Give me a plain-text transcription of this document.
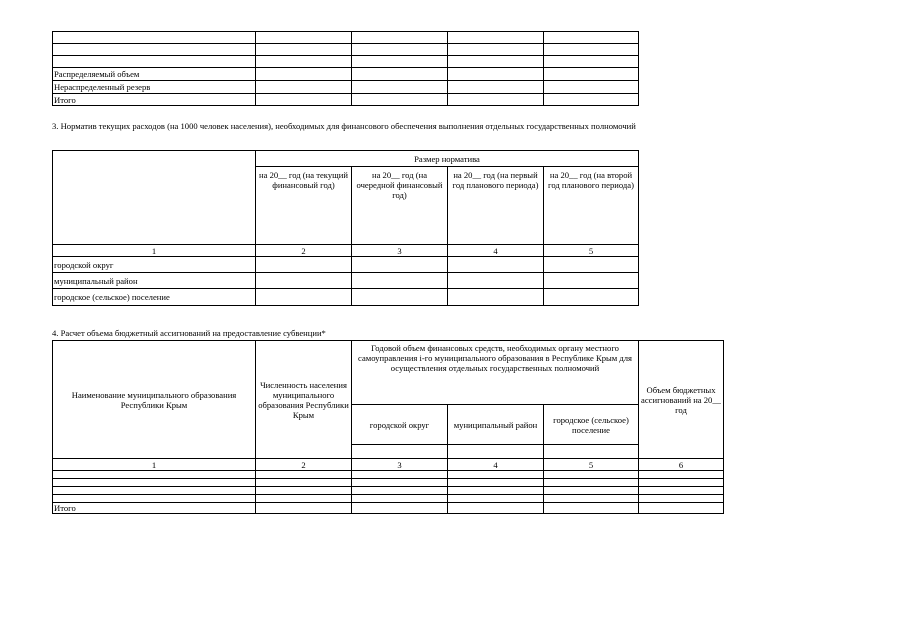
Распределяемый объем				
Нераспределенный резерв				
Итого				
3. Норматив текущих расходов (на 1000 человек населения), необходимых для финансового обеспечения выполнения отдельных государственных полномочий
	Размер норматива			
	на 20__ год (на текущий финансовый год)	на 20__ год (на очередной финансовый год)	на 20__ год (на первый год планового периода)	на 20__ год (на второй год планового периода)
1	2	3	4	5
городской округ				
муниципальный район				
городское (сельское) поселение				
4. Расчет объема бюджетный ассигнований на предоставление субвенции*
Наименование муниципального образования Республики Крым	Численность населения муниципального образования Республики Крым	Годовой объем финансовых средств, необходимых органу местного самоуправления i-го муниципального образования в Республике Крым для осуществления отдельных государственных полномочий			Объем бюджетных ассигнований на 20__ год
		городской округ	муниципальный район	городское (сельское) поселение	

1	2	3	4	5	6

Итого					
